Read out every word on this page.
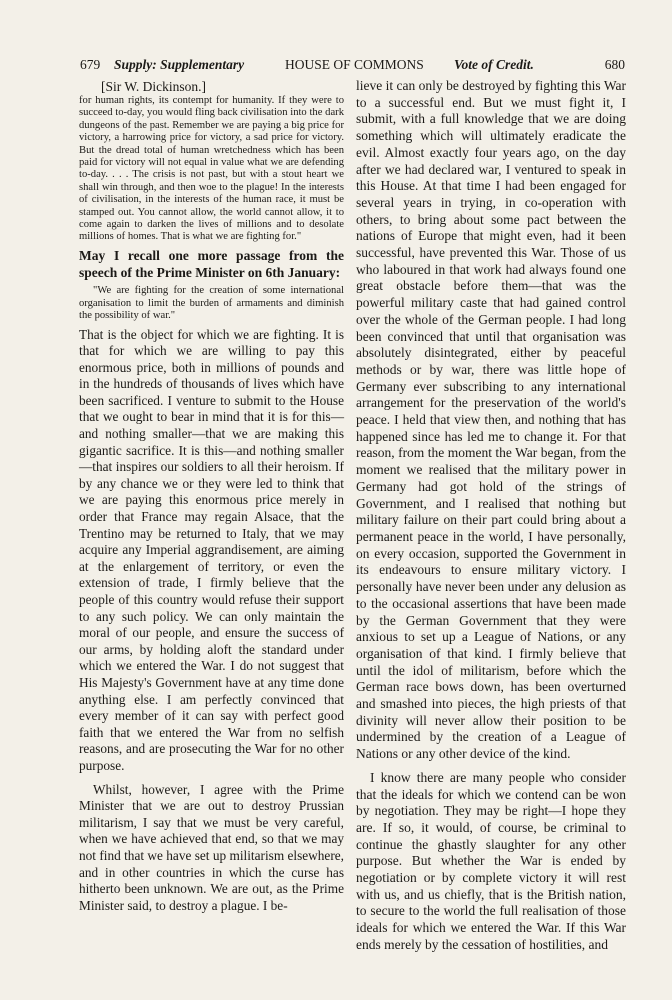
679 Supply: Supplementary	HOUSE OF COMMONS Vote of Credit.	680

[Sir W. Dickinson.]

for human rights, its contempt for humanity. If they were to succeed to-day, you would fling back civilisation into the dark dungeons of the past. Remember we are paying a big price for victory, a harrowing price for victory, a sad price for victory. But the dread total of human wretchedness which has been paid for victory will not equal in value what we are defending to-day. . . . The crisis is not past, but with a stout heart we shall win through, and then woe to the plague! In the interests of civilisation, in the interests of the human race, it must be stamped out. You cannot allow, the world cannot allow, it to come again to darken the lives of millions and to desolate millions of homes. That is what we are fighting for."

May I recall one more passage from the speech of the Prime Minister on 6th January:

"We are fighting for the creation of some international organisation to limit the burden of armaments and diminish the possibility of war."

That is the object for which we are fighting. It is that for which we are willing to pay this enormous price, both in millions of pounds and in the hundreds of thousands of lives which have been sacrificed. I venture to submit to the House that we ought to bear in mind that it is for this—and nothing smaller—that we are making this gigantic sacrifice. It is this—and nothing smaller—that inspires our soldiers to all their heroism. If by any chance we or they were led to think that we are paying this enormous price merely in order that France may regain Alsace, that the Trentino may be returned to Italy, that we may acquire any Imperial aggrandisement, are aiming at the enlargement of territory, or even the extension of trade, I firmly believe that the people of this country would refuse their support to any such policy. We can only maintain the moral of our people, and ensure the success of our arms, by holding aloft the standard under which we entered the War. I do not suggest that His Majesty's Government have at any time done anything else. I am perfectly convinced that every member of it can say with perfect good faith that we entered the War from no selfish reasons, and are prosecuting the War for no other purpose.

Whilst, however, I agree with the Prime Minister that we are out to destroy Prussian militarism, I say that we must be very careful, when we have achieved that end, so that we may not find that we have set up militarism elsewhere, and in other countries in which the curse has hitherto been unknown. We are out, as the Prime Minister said, to destroy a plague. I be-

lieve it can only be destroyed by fighting this War to a successful end. But we must fight it, I submit, with a full knowledge that we are doing something which will ultimately eradicate the evil. Almost exactly four years ago, on the day after we had declared war, I ventured to speak in this House. At that time I had been engaged for several years in trying, in co-operation with others, to bring about some pact between the nations of Europe that might even, had it been successful, have prevented this War. Those of us who laboured in that work had always found one great obstacle before them—that was the powerful military caste that had gained control over the whole of the German people. I had long been convinced that until that organisation was absolutely disintegrated, either by peaceful methods or by war, there was little hope of Germany ever subscribing to any international arrangement for the preservation of the world's peace. I held that view then, and nothing that has happened since has led me to change it. For that reason, from the moment the War began, from the moment we realised that the military power in Germany had got hold of the strings of Government, and I realised that nothing but military failure on their part could bring about a permanent peace in the world, I have personally, on every occasion, supported the Government in its endeavours to ensure military victory. I personally have never been under any delusion as to the occasional assertions that have been made by the German Government that they were anxious to set up a League of Nations, or any organisation of that kind. I firmly believe that until the idol of militarism, before which the German race bows down, has been overturned and smashed into pieces, the high priests of that divinity will never allow their position to be undermined by the creation of a League of Nations or any other device of the kind.

I know there are many people who consider that the ideals for which we contend can be won by negotiation. They may be right—I hope they are. If so, it would, of course, be criminal to continue the ghastly slaughter for any other purpose. But whether the War is ended by negotiation or by complete victory it will rest with us, and us chiefly, that is the British nation, to secure to the world the full realisation of those ideals for which we entered the War. If this War ends merely by the cessation of hostilities, and
